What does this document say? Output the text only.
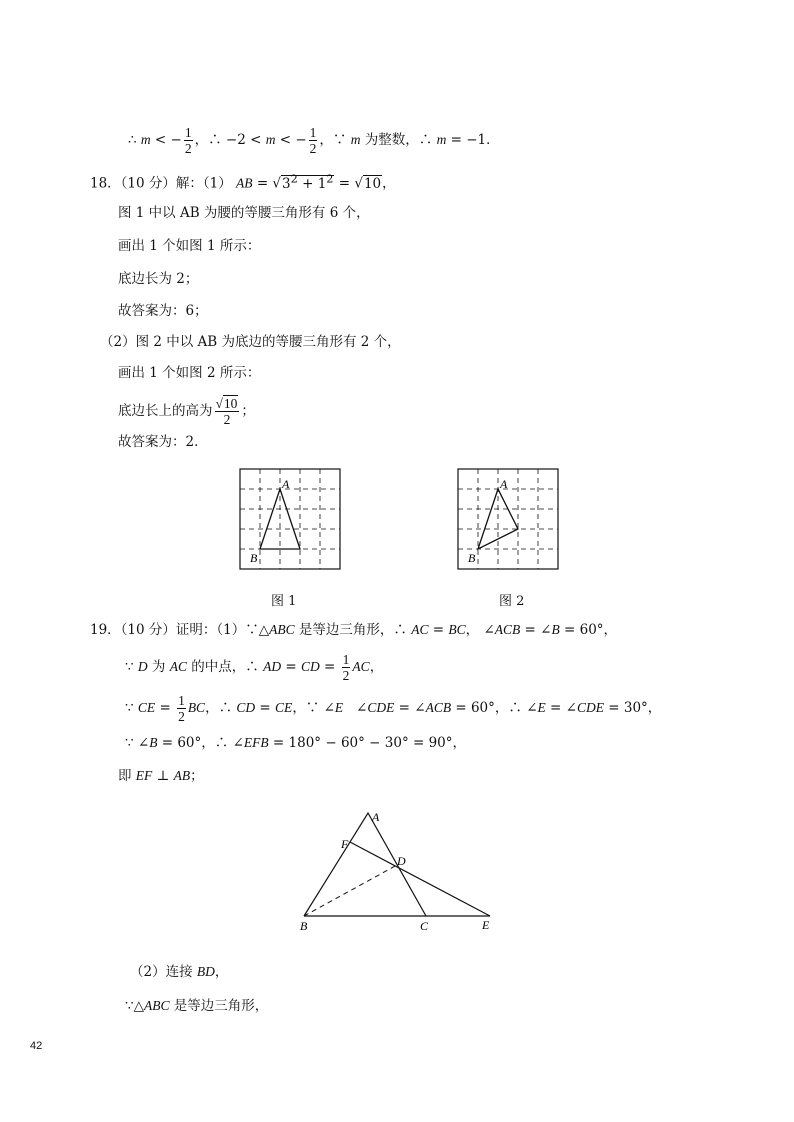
∴ m < − $\frac{1}{2}$ ，∴ −2 < m < − $\frac{1}{2}$ ，∵ m 为整数，∴ m = −1．
18．（10 分）解：（1） AB = $√3^2 + 1^2 = √10$，
图 1 中以 AB 为腰的等腰三角形有 6 个，
画出 1 个如图 1 所示：
底边长为 2；
故答案为：6；
（2）图 2 中以 AB 为底边的等腰三角形有 2 个，
画出 1 个如图 2 所示：
底边长上的高为 $\frac{√10}{2}$ ；
故答案为：2．
A
B
图 1
A
B
图 2
19．（10 分）证明：（1）∵△ABC 是等边三角形，∴ AC = BC， ∠ACB = ∠B = 60°，
∵ D 为 AC 的中点，∴ AD = CD = $\frac{1}{2}$ AC，
∵ CE = $\frac{1}{2}$ BC，∴ CD = CE，∵ ∠E   ∠CDE = ∠ACB = 60°，∴ ∠E = ∠CDE = 30°，
∵ ∠B = 60°，∴ ∠EFB = 180° − 60° − 30° = 90°，
即 EF ⊥ AB；
A
F
D
B	C	E
（2）连接 BD，
∵△ABC 是等边三角形，
42
